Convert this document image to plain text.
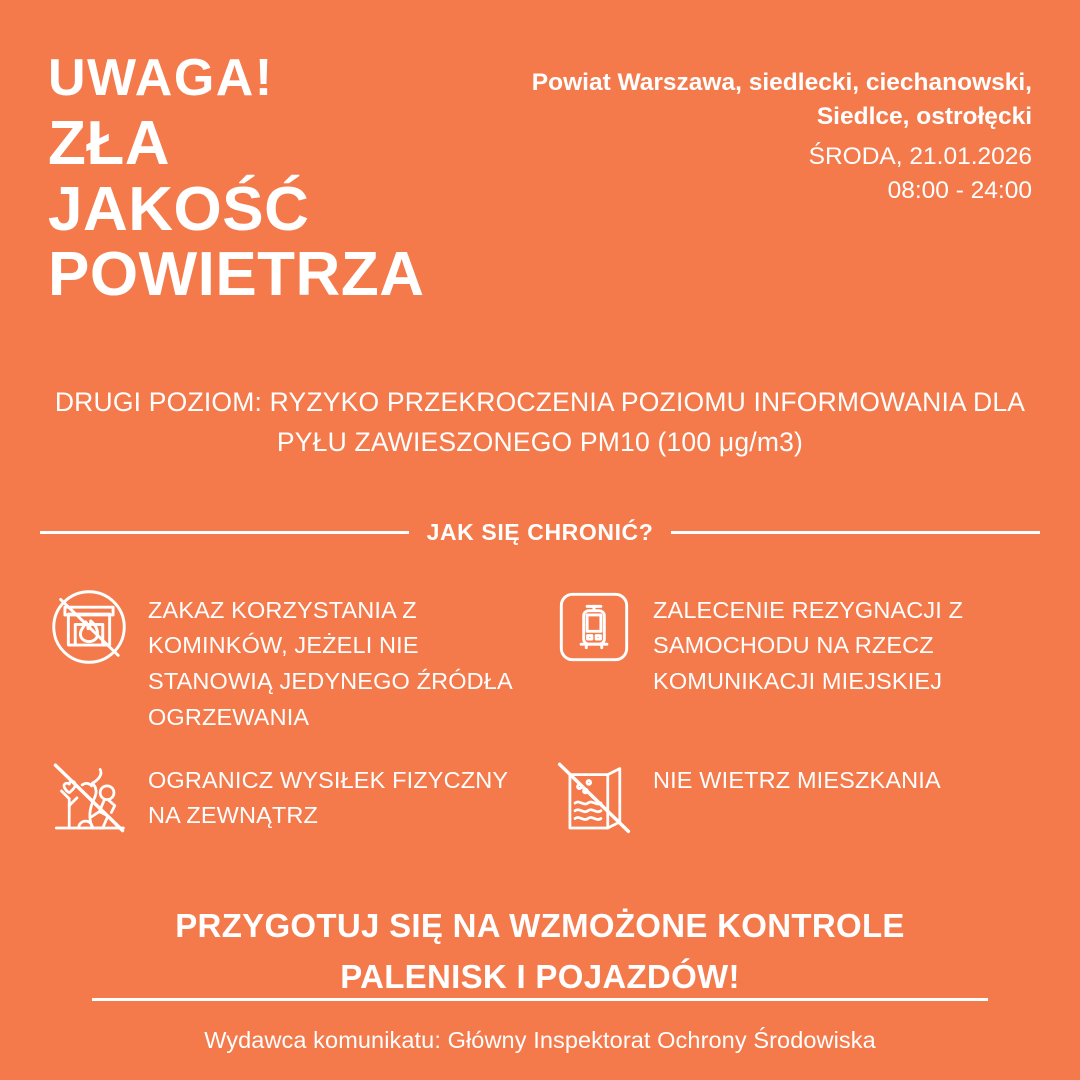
UWAGA!
ZŁA
JAKOŚĆ
POWIETRZA

Powiat Warszawa, siedlecki, ciechanowski, Siedlce, ostrołęcki

ŚRODA, 21.01.2026

08:00 - 24:00

DRUGI POZIOM: RYZYKO PRZEKROCZENIA POZIOMU INFORMOWANIA DLA PYŁU ZAWIESZONEGO PM10 (100 μg/m3)
JAK SIĘ CHRONIĆ?
ZAKAZ KORZYSTANIA Z KOMINKÓW, JEŻELI NIE STANOWIĄ JEDYNEGO ŹRÓDŁA OGRZEWANIA
ZALECENIE REZYGNACJI Z SAMOCHODU NA RZECZ KOMUNIKACJI MIEJSKIEJ
OGRANICZ WYSIŁEK FIZYCZNY NA ZEWNĄTRZ
NIE WIETRZ MIESZKANIA
PRZYGOTUJ SIĘ NA WZMOŻONE KONTROLE
PALENISK I POJAZDÓW!
Wydawca komunikatu: Główny Inspektorat Ochrony Środowiska
